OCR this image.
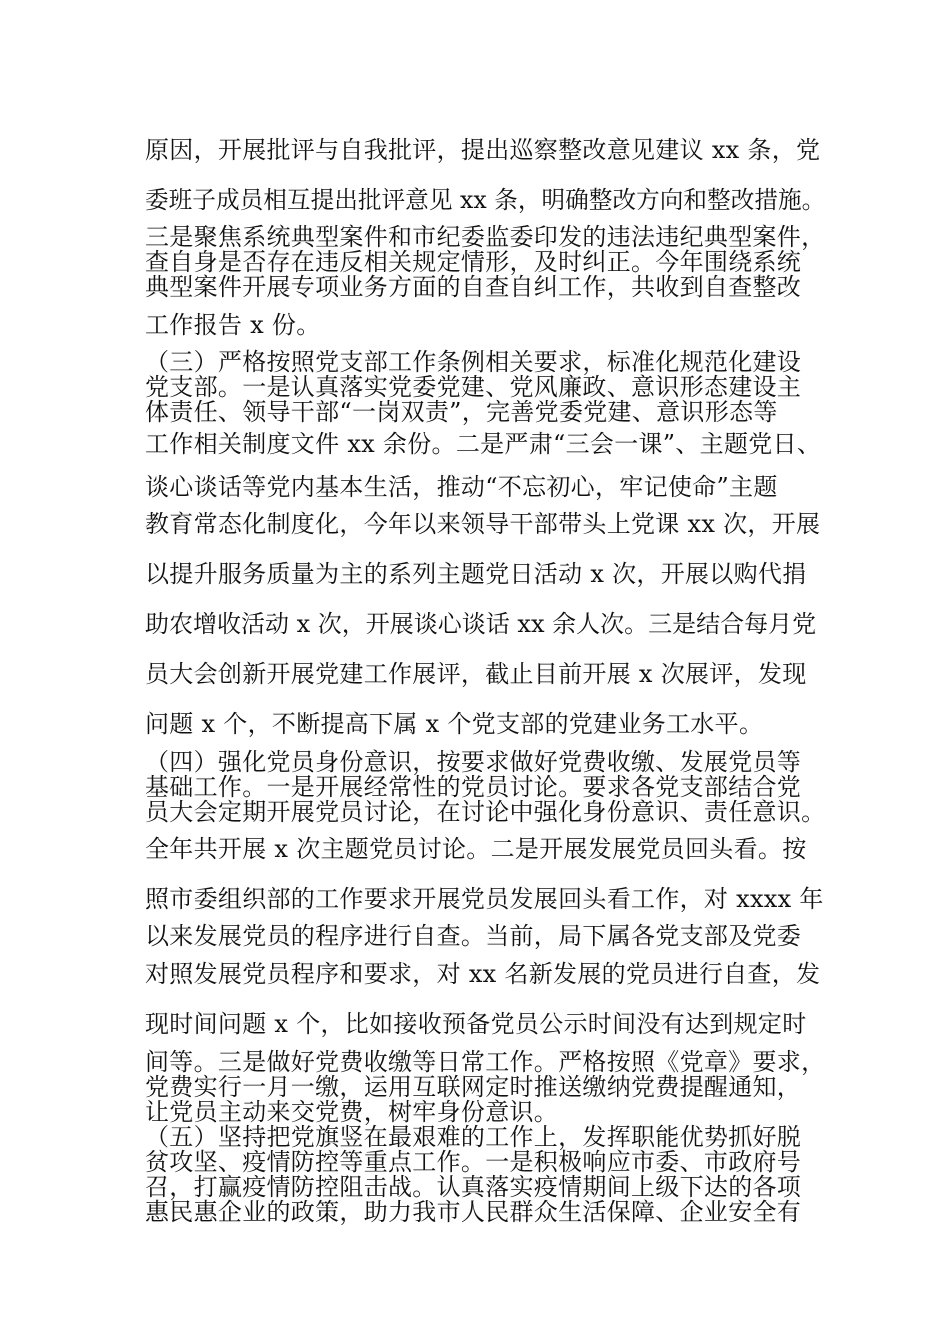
原因，开展批评与自我批评，提出巡察整改意见建议 xx 条，党
委班子成员相互提出批评意见 xx 条，明确整改方向和整改措施。
三是聚焦系统典型案件和市纪委监委印发的违法违纪典型案件，
查自身是否存在违反相关规定情形，及时纠正。今年围绕系统
典型案件开展专项业务方面的自查自纠工作，共收到自查整改
工作报告 x 份。
（三）严格按照党支部工作条例相关要求，标准化规范化建设
党支部。一是认真落实党委党建、党风廉政、意识形态建设主
体责任、领导干部“一岗双责”，完善党委党建、意识形态等
工作相关制度文件 xx 余份。二是严肃“三会一课”、主题党日、
谈心谈话等党内基本生活，推动“不忘初心，牢记使命”主题
教育常态化制度化，今年以来领导干部带头上党课 xx 次，开展
以提升服务质量为主的系列主题党日活动 x 次，开展以购代捐
助农增收活动 x 次，开展谈心谈话 xx 余人次。三是结合每月党
员大会创新开展党建工作展评，截止目前开展 x 次展评，发现
问题 x 个，不断提高下属 x 个党支部的党建业务工水平。
（四）强化党员身份意识，按要求做好党费收缴、发展党员等
基础工作。一是开展经常性的党员讨论。要求各党支部结合党
员大会定期开展党员讨论，在讨论中强化身份意识、责任意识。
全年共开展 x 次主题党员讨论。二是开展发展党员回头看。按
照市委组织部的工作要求开展党员发展回头看工作，对 xxxx 年
以来发展党员的程序进行自查。当前，局下属各党支部及党委
对照发展党员程序和要求，对 xx 名新发展的党员进行自查，发
现时间问题 x 个，比如接收预备党员公示时间没有达到规定时
间等。三是做好党费收缴等日常工作。严格按照《党章》要求，
党费实行一月一缴，运用互联网定时推送缴纳党费提醒通知，
让党员主动来交党费，树牢身份意识。
（五）坚持把党旗竖在最艰难的工作上，发挥职能优势抓好脱
贫攻坚、疫情防控等重点工作。一是积极响应市委、市政府号
召，打赢疫情防控阻击战。认真落实疫情期间上级下达的各项
惠民惠企业的政策，助力我市人民群众生活保障、企业安全有
